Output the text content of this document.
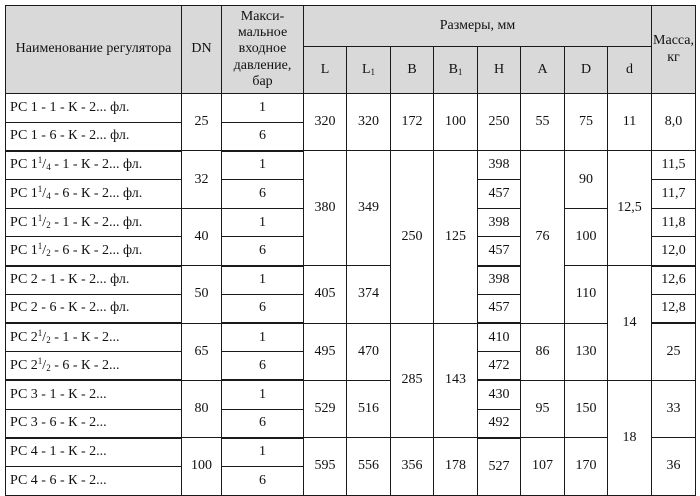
Наименование регулятора	DN	Макси-мальное входное давление, бар	Размеры, мм								Масса, кг
			L	$L_1$	B	$B_1$	H	A	D	d	
РС 1 - 1 - К - 2... фл.	25	1	320	320	172	100	250	55	75	11	8,0
РС 1 - 6 - К - 2... фл.		6									
РС $1^1/_4 - 1$ - К - 2... фл.	32	1	380	349	250	125	398	76	90	12,5	11,5
РС $1^1/_4 - 6$ - К - 2... фл.		6					457				11,7
РС $1^1/_2 - 1$ - К - 2... фл.	40	1					398		100		11,8
РС $1^1/_2 - 6$ - К - 2... фл.		6					457				12,0
РС 2 - 1 - К - 2... фл.	50	1	405	374			398		110	14	12,6
РС 2 - 6 - К - 2... фл.		6					457				12,8
РС $2^1/_2 - 1$ - К - 2...	65	1	495	470	285	143	410	86	130		25
РС $2^1/_2 - 6$ - К - 2...		6					472				
РС 3 - 1 - К - 2...	80	1	529	516			430	95	150	18	33
РС 3 - 6 - К - 2...		6					492				
РС 4 - 1 - К - 2...	100	1	595	556	356	178	527	107	170		36
РС 4 - 6 - К - 2...		6									
